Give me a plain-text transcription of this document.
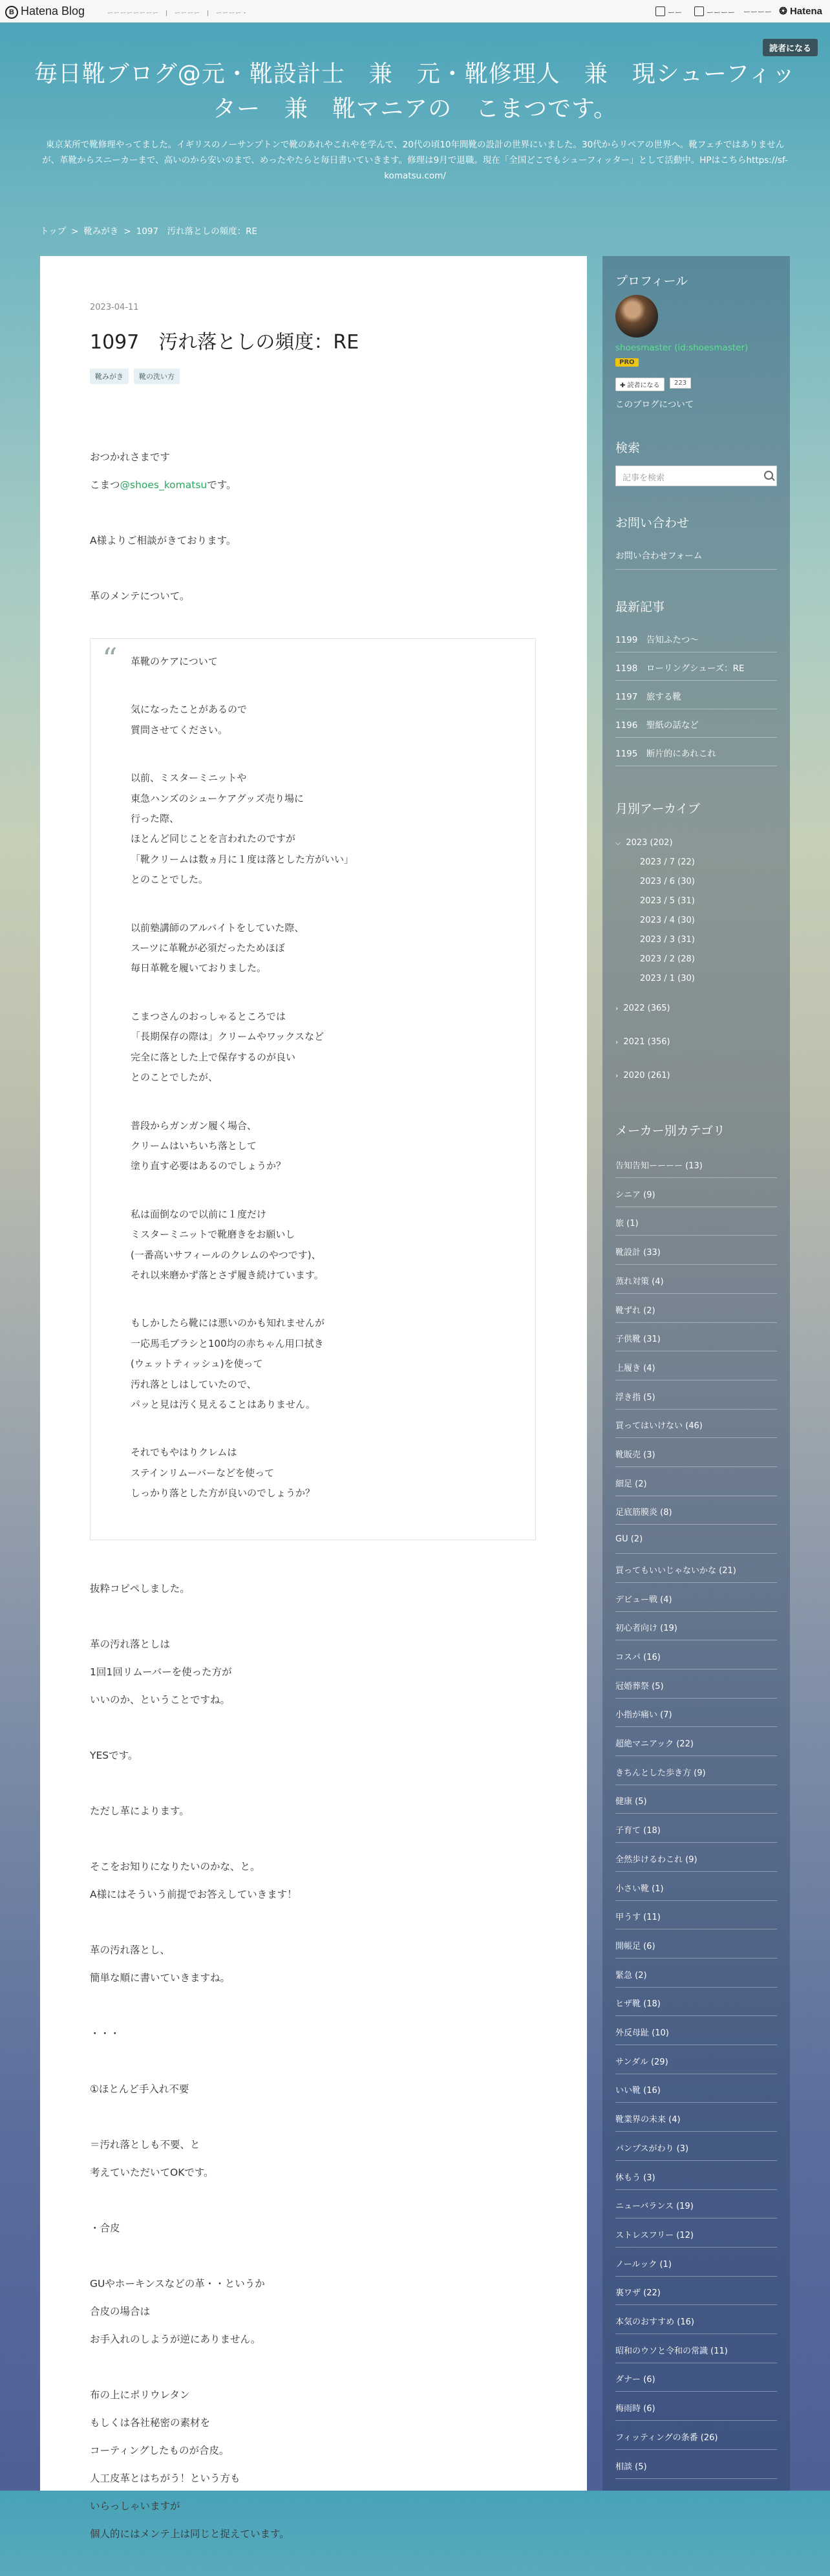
B Hatena Blog	ーーーーーーーー　|　ーーーー　|　ーーーー・	ーー	ーーーー ーーーー ❂ Hatena
読者になる
毎日靴ブログ@元・靴設計士　兼　元・靴修理人　兼　現シューフィッター　兼　靴マニアの　こまつです。
東京某所で靴修理やってました。イギリスのノーサンプトンで靴のあれやこれやを学んで、20代の頃10年間靴の設計の世界にいました。30代からリペアの世界へ。靴フェチではありませんが、革靴からスニーカーまで、高いのから安いのまで、めったやたらと毎日書いていきます。修理は9月で退職。現在「全国どこでもシューフィッター」として活動中。HPはこちらhttps://sf-komatsu.com/
トップ > 靴みがき > 1097　汚れ落としの頻度：RE
2023-04-11
1097　汚れ落としの頻度：RE
靴みがき 靴の洗い方
おつかれさまです

こまつ@shoes_komatsuです。

A様よりご相談がきております。

革のメンテについて。

“ 革靴のケアについて

気になったことがあるので
質問させてください。

以前、ミスターミニットや
東急ハンズのシューケアグッズ売り場に
行った際、
ほとんど同じことを言われたのですが
「靴クリームは数ヵ月に１度は落とした方がいい」
とのことでした。

以前塾講師のアルバイトをしていた際、
スーツに革靴が必須だったためほぼ
毎日革靴を履いておりました。

こまつさんのおっしゃるところでは
「長期保存の際は」クリームやワックスなど
完全に落とした上で保存するのが良い
とのことでしたが、

普段からガンガン履く場合、
クリームはいちいち落として
塗り直す必要はあるのでしょうか？

私は面倒なので以前に１度だけ
ミスターミニットで靴磨きをお願いし
(一番高いサフィールのクレムのやつです)、
それ以来磨かず落とさず履き続けています。

もしかしたら靴には悪いのかも知れませんが
一応馬毛ブラシと100均の赤ちゃん用口拭き
(ウェットティッシュ)を使って
汚れ落としはしていたので、
パッと見は汚く見えることはありません。

それでもやはりクレムは
ステインリムーバーなどを使って
しっかり落とした方が良いのでしょうか？

抜粋コピペしました。

革の汚れ落としは
1回1回リムーバーを使った方が
いいのか、ということですね。

YESです。

ただし革によります。

そこをお知りになりたいのかな、と。
A様にはそういう前提でお答えしていきます！

革の汚れ落とし、
簡単な順に書いていきますね。

・・・

①ほとんど手入れ不要

＝汚れ落としも不要、と
考えていただいてOKです。

・合皮

GUやホーキンスなどの革・・というか
合皮の場合は
お手入れのしようが逆にありません。

布の上にポリウレタン
もしくは各社秘密の素材を
コーティングしたものが合皮。
人工皮革とはちがう！という方も
いらっしゃいますが
個人的にはメンテ上は同じと捉えています。

プロフィール
shoesmaster (id:shoesmaster)
PRO
✚ 読者になる	223
このブログについて
検索
記事を検索
お問い合わせ
お問い合わせフォーム
最新記事
1199　告知ふたつ〜
1198　ローリングシューズ：RE
1197　旅する靴
1196　聖紙の話など
1195　断片的にあれこれ
月別アーカイブ
⌵ 2023 (202)
2023 / 7 (22)
2023 / 6 (30)
2023 / 5 (31)
2023 / 4 (30)
2023 / 3 (31)
2023 / 2 (28)
2023 / 1 (30)
› 2022 (365)
› 2021 (356)
› 2020 (261)
メーカー別カテゴリ
告知告知ーーーー (13)
シニア (9)
旅 (1)
靴設計 (33)
蒸れ対策 (4)
靴ずれ (2)
子供靴 (31)
上履き (4)
浮き指 (5)
買ってはいけない (46)
靴販売 (3)
細足 (2)
足底筋膜炎 (8)
GU (2)
買ってもいいじゃないかな (21)
デビュー戦 (4)
初心者向け (19)
コスパ (16)
冠婚葬祭 (5)
小指が痛い (7)
超絶マニアック (22)
きちんとした歩き方 (9)
健康 (5)
子育て (18)
全然歩けるわこれ (9)
小さい靴 (1)
甲うす (11)
開帳足 (6)
緊急 (2)
ヒザ靴 (18)
外反母趾 (10)
サンダル (29)
いい靴 (16)
靴業界の未来 (4)
パンプスがわり (3)
休もう (3)
ニューバランス (19)
ストレスフリー (12)
ノールック (1)
裏ワザ (22)
本気のおすすめ (16)
昭和のウソと令和の常識 (11)
ダナー (6)
梅雨時 (6)
フィッティングの条番 (26)
相談 (5)
